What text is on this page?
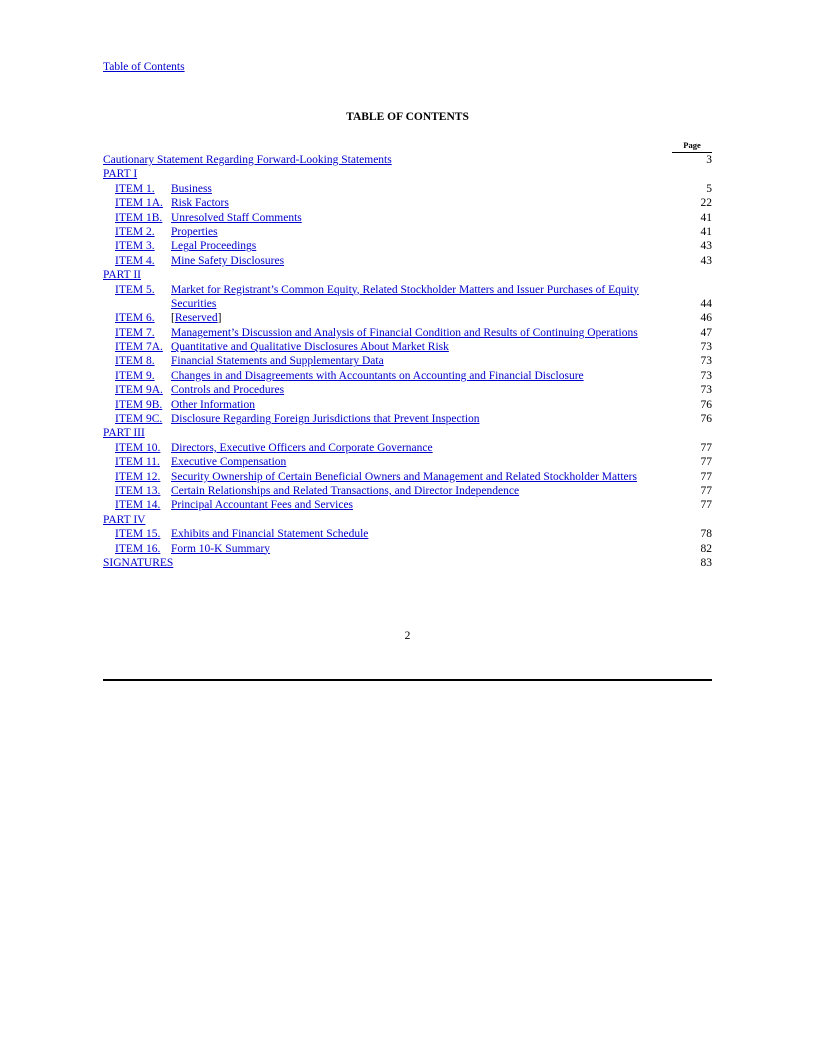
Table of Contents
TABLE OF CONTENTS
Page
Cautionary Statement Regarding Forward-Looking Statements	3
PART I
ITEM 1. Business	5
ITEM 1A. Risk Factors	22
ITEM 1B. Unresolved Staff Comments	41
ITEM 2. Properties	41
ITEM 3. Legal Proceedings	43
ITEM 4. Mine Safety Disclosures	43
PART II
ITEM 5. Market for Registrant’s Common Equity, Related Stockholder Matters and Issuer Purchases of Equity Securities	44
ITEM 6. [Reserved]	46
ITEM 7. Management’s Discussion and Analysis of Financial Condition and Results of Continuing Operations	47
ITEM 7A. Quantitative and Qualitative Disclosures About Market Risk	73
ITEM 8. Financial Statements and Supplementary Data	73
ITEM 9. Changes in and Disagreements with Accountants on Accounting and Financial Disclosure	73
ITEM 9A. Controls and Procedures	73
ITEM 9B. Other Information	76
ITEM 9C. Disclosure Regarding Foreign Jurisdictions that Prevent Inspection	76
PART III
ITEM 10. Directors, Executive Officers and Corporate Governance	77
ITEM 11. Executive Compensation	77
ITEM 12. Security Ownership of Certain Beneficial Owners and Management and Related Stockholder Matters	77
ITEM 13. Certain Relationships and Related Transactions, and Director Independence	77
ITEM 14. Principal Accountant Fees and Services	77
PART IV
ITEM 15. Exhibits and Financial Statement Schedule	78
ITEM 16. Form 10-K Summary	82
SIGNATURES	83
2
